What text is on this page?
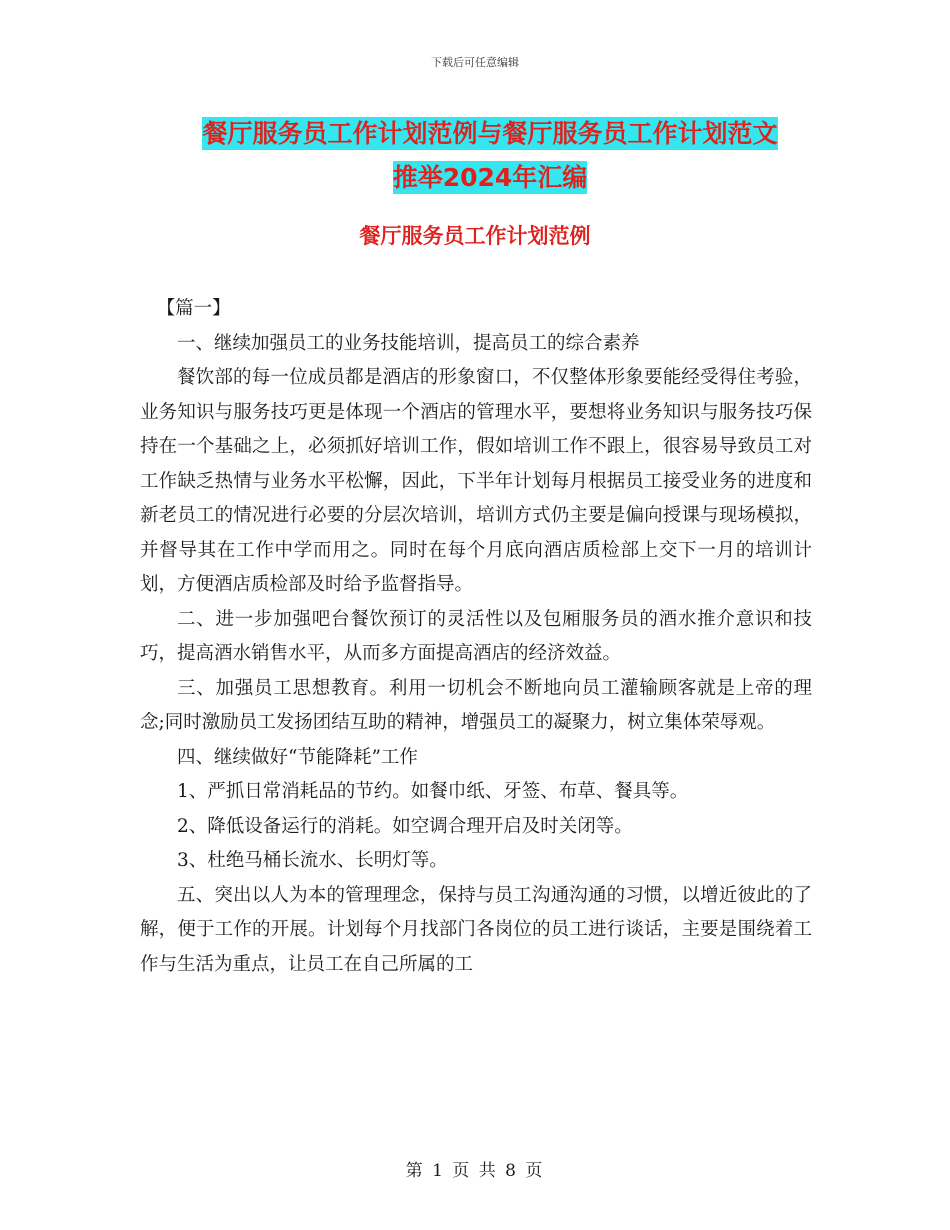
下载后可任意编辑
餐厅服务员工作计划范例与餐厅服务员工作计划范文
推举2024年汇编
餐厅服务员工作计划范例

【篇一】

一、继续加强员工的业务技能培训，提高员工的综合素养

餐饮部的每一位成员都是酒店的形象窗口，不仅整体形象要能经受得住考验，业务知识与服务技巧更是体现一个酒店的管理水平，要想将业务知识与服务技巧保持在一个基础之上，必须抓好培训工作，假如培训工作不跟上，很容易导致员工对工作缺乏热情与业务水平松懈，因此，下半年计划每月根据员工接受业务的进度和新老员工的情况进行必要的分层次培训，培训方式仍主要是偏向授课与现场模拟，并督导其在工作中学而用之。同时在每个月底向酒店质检部上交下一月的培训计划，方便酒店质检部及时给予监督指导。

二、进一步加强吧台餐饮预订的灵活性以及包厢服务员的酒水推介意识和技巧，提高酒水销售水平，从而多方面提高酒店的经济效益。

三、加强员工思想教育。利用一切机会不断地向员工灌输顾客就是上帝的理念;同时激励员工发扬团结互助的精神，增强员工的凝聚力，树立集体荣辱观。

四、继续做好“节能降耗”工作

1、严抓日常消耗品的节约。如餐巾纸、牙签、布草、餐具等。

2、降低设备运行的消耗。如空调合理开启及时关闭等。

3、杜绝马桶长流水、长明灯等。

五、突出以人为本的管理理念，保持与员工沟通沟通的习惯，以增近彼此的了解，便于工作的开展。计划每个月找部门各岗位的员工进行谈话，主要是围绕着工作与生活为重点，让员工在自己所属的工

第 1 页 共 8 页
